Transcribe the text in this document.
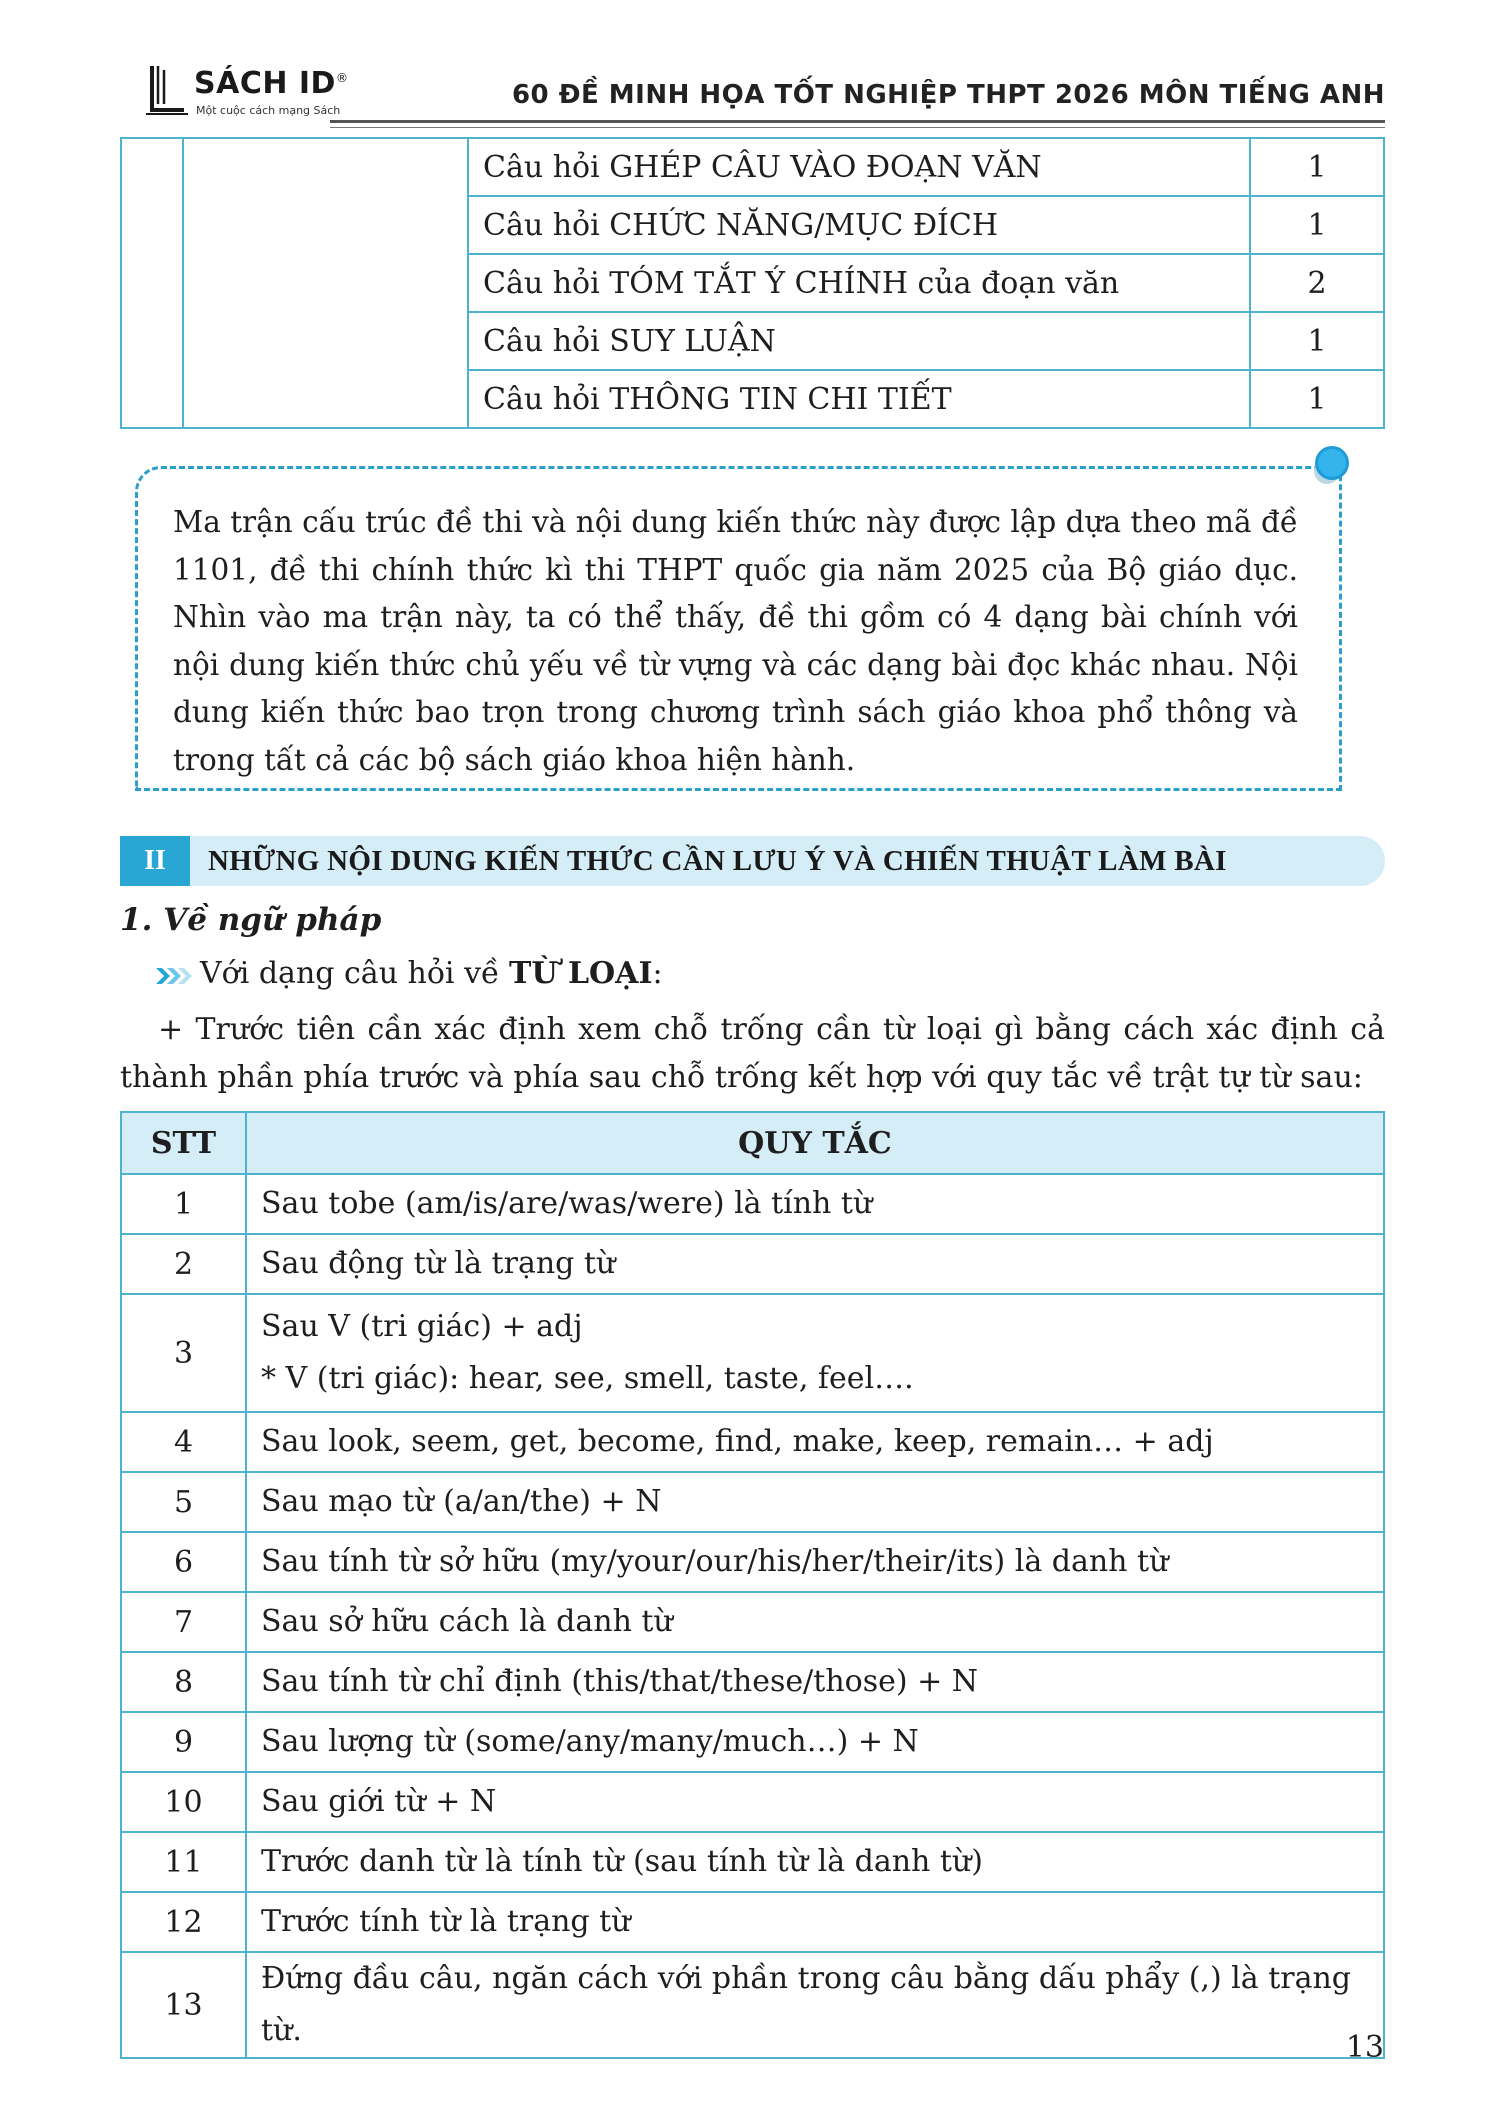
SÁCH ID®
Một cuộc cách mạng Sách
60 ĐỀ MINH HỌA TỐT NGHIỆP THPT 2026 MÔN TIẾNG ANH
		Câu hỏi GHÉP CÂU VÀO ĐOẠN VĂN	1
		Câu hỏi CHỨC NĂNG/MỤC ĐÍCH	1
		Câu hỏi TÓM TẮT Ý CHÍNH của đoạn văn	2
		Câu hỏi SUY LUẬN	1
		Câu hỏi THÔNG TIN CHI TIẾT	1

Ma trận cấu trúc đề thi và nội dung kiến thức này được lập dựa theo mã đề 1101, đề thi chính thức kì thi THPT quốc gia năm 2025 của Bộ giáo dục. Nhìn vào ma trận này, ta có thể thấy, đề thi gồm có 4 dạng bài chính với nội dung kiến thức chủ yếu về từ vựng và các dạng bài đọc khác nhau. Nội dung kiến thức bao trọn trong chương trình sách giáo khoa phổ thông và trong tất cả các bộ sách giáo khoa hiện hành.

II	NHỮNG NỘI DUNG KIẾN THỨC CẦN LƯU Ý VÀ CHIẾN THUẬT LÀM BÀI
1. Về ngữ pháp
Với dạng câu hỏi về TỪ LOẠI:

+ Trước tiên cần xác định xem chỗ trống cần từ loại gì bằng cách xác định cả thành phần phía trước và phía sau chỗ trống kết hợp với quy tắc về trật tự từ sau:

STT	QUY TẮC
1	Sau tobe (am/is/are/was/were) là tính từ

2	Sau động từ là trạng từ

3	Sau V (tri giác) + adj
* V (tri giác): hear, see, smell, taste, feel….

4	Sau look, seem, get, become, find, make, keep, remain… + adj

5	Sau mạo từ (a/an/the) + N

6	Sau tính từ sở hữu (my/your/our/his/her/their/its) là danh từ

7	Sau sở hữu cách là danh từ

8	Sau tính từ chỉ định (this/that/these/those) + N

9	Sau lượng từ (some/any/many/much…) + N

10	Sau giới từ + N

11	Trước danh từ là tính từ (sau tính từ là danh từ)

12	Trước tính từ là trạng từ

13	Đứng đầu câu, ngăn cách với phần trong câu bằng dấu phẩy (,) là trạng từ.	13
